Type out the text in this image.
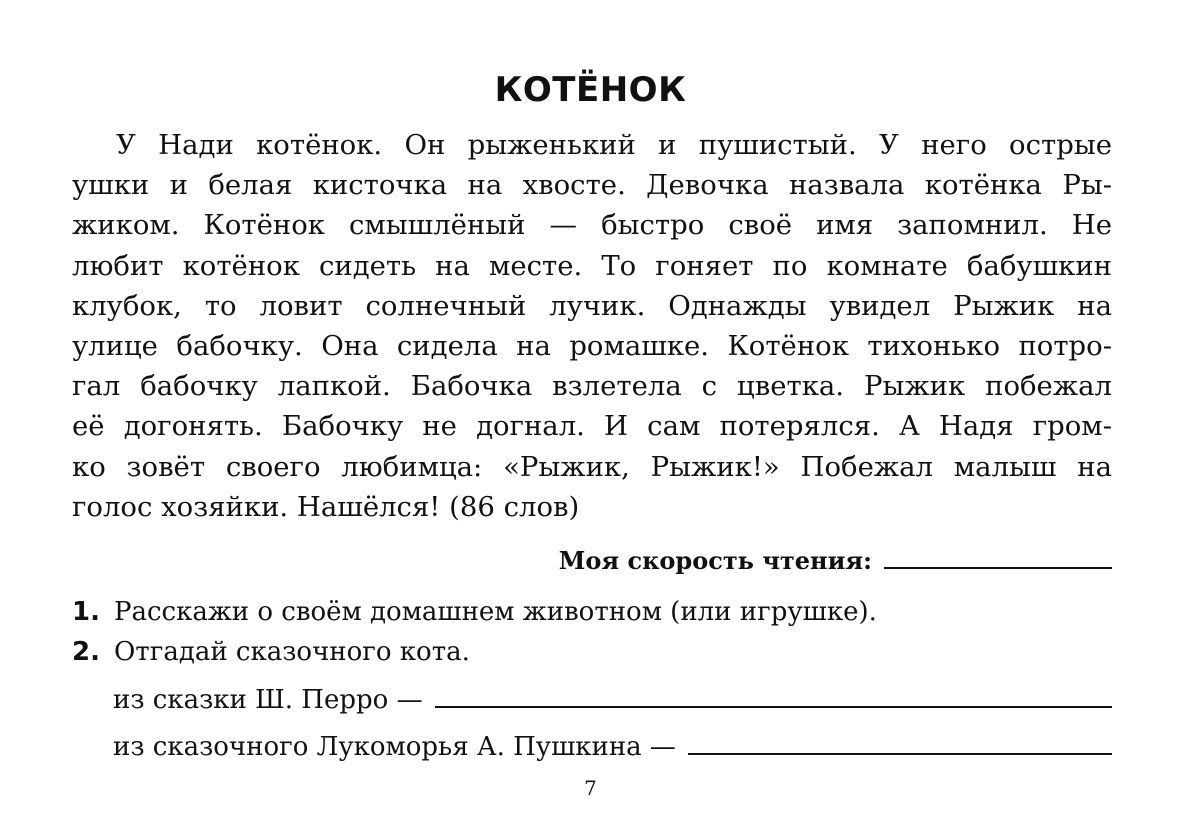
КОТЁНОК
У Нади котёнок. Он рыженький и пушистый. У него острые
ушки и белая кисточка на хвосте. Девочка назвала котёнка Ры-
жиком. Котёнок смышлёный — быстро своё имя запомнил. Не
любит котёнок сидеть на месте. То гоняет по комнате бабушкин
клубок, то ловит солнечный лучик. Однажды увидел Рыжик на
улице бабочку. Она сидела на ромашке. Котёнок тихонько потро-
гал бабочку лапкой. Бабочка взлетела с цветка. Рыжик побежал
её догонять. Бабочку не догнал. И сам потерялся. А Надя гром-
ко зовёт своего любимца: «Рыжик, Рыжик!» Побежал малыш на
голос хозяйки. Нашёлся! (86 слов)
Моя скорость чтения:
1. Расскажи о своём домашнем животном (или игрушке).
2. Отгадай сказочного кота.
из сказки Ш. Перро —
из сказочного Лукоморья А. Пушкина —
7
